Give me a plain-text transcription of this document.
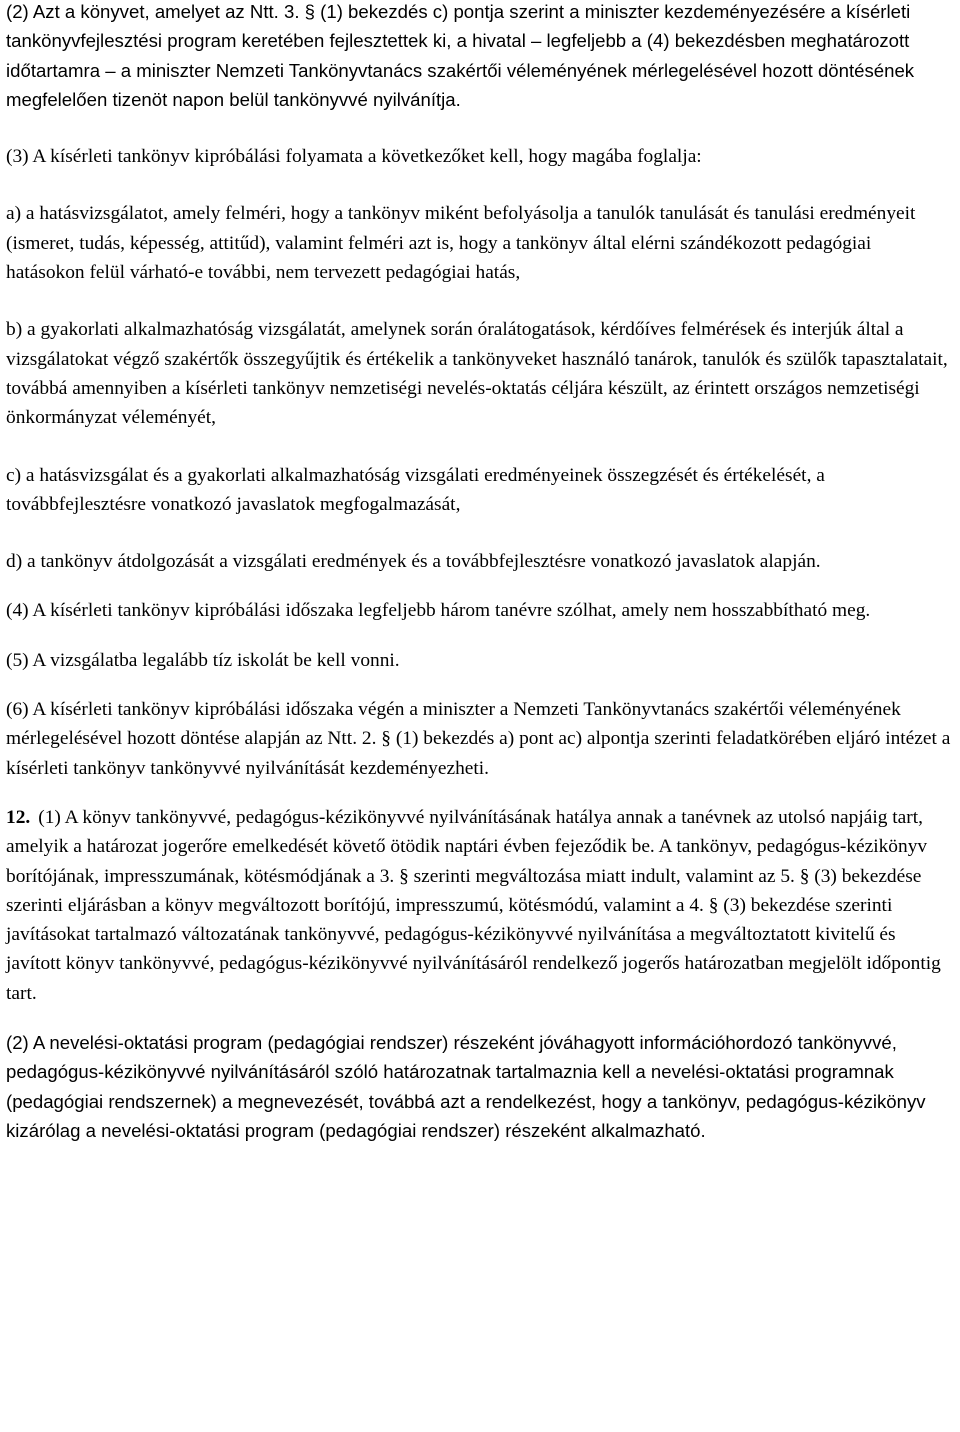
(2) Azt a könyvet, amelyet az Ntt. 3. § (1) bekezdés c) pontja szerint a miniszter kezdeményezésére a kísérleti tankönyvfejlesztési program keretében fejlesztettek ki, a hivatal – legfeljebb a (4) bekezdésben meghatározott időtartamra – a miniszter Nemzeti Tankönyvtanács szakértői véleményének mérlegelésével hozott döntésének megfelelően tizenöt napon belül tankönyvvé nyilvánítja.

(3) A kísérleti tankönyv kipróbálási folyamata a következőket kell, hogy magába foglalja:

a) a hatásvizsgálatot, amely felméri, hogy a tankönyv miként befolyásolja a tanulók tanulását és tanulási eredményeit (ismeret, tudás, képesség, attitűd), valamint felméri azt is, hogy a tankönyv által elérni szándékozott pedagógiai hatásokon felül várható-e további, nem tervezett pedagógiai hatás,

b) a gyakorlati alkalmazhatóság vizsgálatát, amelynek során óralátogatások, kérdőíves felmérések és interjúk által a vizsgálatokat végző szakértők összegyűjtik és értékelik a tankönyveket használó tanárok, tanulók és szülők tapasztalatait, továbbá amennyiben a kísérleti tankönyv nemzetiségi nevelés-oktatás céljára készült, az érintett országos nemzetiségi önkormányzat véleményét,

c) a hatásvizsgálat és a gyakorlati alkalmazhatóság vizsgálati eredményeinek összegzését és értékelését, a továbbfejlesztésre vonatkozó javaslatok megfogalmazását,

d) a tankönyv átdolgozását a vizsgálati eredmények és a továbbfejlesztésre vonatkozó javaslatok alapján.

(4) A kísérleti tankönyv kipróbálási időszaka legfeljebb három tanévre szólhat, amely nem hosszabbítható meg.

(5) A vizsgálatba legalább tíz iskolát be kell vonni.

(6) A kísérleti tankönyv kipróbálási időszaka végén a miniszter a Nemzeti Tankönyvtanács szakértői véleményének mérlegelésével hozott döntése alapján az Ntt. 2. § (1) bekezdés a) pont ac) alpontja szerinti feladatkörében eljáró intézet a kísérleti tankönyv tankönyvvé nyilvánítását kezdeményezheti.

12. (1) A könyv tankönyvvé, pedagógus-kézikönyvvé nyilvánításának hatálya annak a tanévnek az utolsó napjáig tart, amelyik a határozat jogerőre emelkedését követő ötödik naptári évben fejeződik be. A tankönyv, pedagógus-kézikönyv borítójának, impresszumának, kötésmódjának a 3. § szerinti megváltozása miatt indult, valamint az 5. § (3) bekezdése szerinti eljárásban a könyv megváltozott borítójú, impresszumú, kötésmódú, valamint a 4. § (3) bekezdése szerinti javításokat tartalmazó változatának tankönyvvé, pedagógus-kézikönyvvé nyilvánítása a megváltoztatott kivitelű és javított könyv tankönyvvé, pedagógus-kézikönyvvé nyilvánításáról rendelkező jogerős határozatban megjelölt időpontig tart.

(2) A nevelési-oktatási program (pedagógiai rendszer) részeként jóváhagyott információhordozó tankönyvvé, pedagógus-kézikönyvvé nyilvánításáról szóló határozatnak tartalmaznia kell a nevelési-oktatási programnak (pedagógiai rendszernek) a megnevezését, továbbá azt a rendelkezést, hogy a tankönyv, pedagógus-kézikönyv kizárólag a nevelési-oktatási program (pedagógiai rendszer) részeként alkalmazható.
